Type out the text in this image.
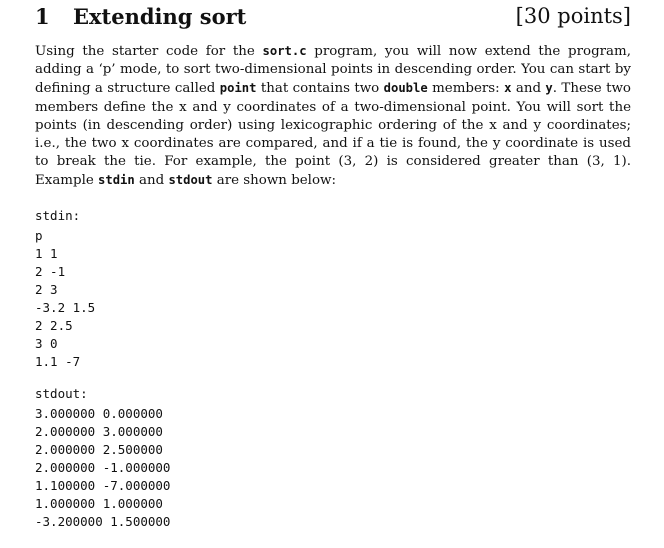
1 Extending sort	[30 points]

Using the starter code for the sort.c program, you will now extend the program, adding a ‘p’ mode, to sort two-dimensional points in descending order. You can start by defining a structure called point that contains two double members: x and y. These two members define the x and y coordinates of a two-dimensional point. You will sort the points (in descending order) using lexicographic ordering of the x and y coordinates; i.e., the two x coordinates are compared, and if a tie is found, the y coordinate is used to break the tie. For example, the point (3, 2) is considered greater than (3, 1). Example stdin and stdout are shown below:

stdin:
p
1 1
2 -1
2 3
-3.2 1.5
2 2.5
3 0
1.1 -7
stdout:
3.000000 0.000000
2.000000 3.000000
2.000000 2.500000
2.000000 -1.000000
1.100000 -7.000000
1.000000 1.000000
-3.200000 1.500000
